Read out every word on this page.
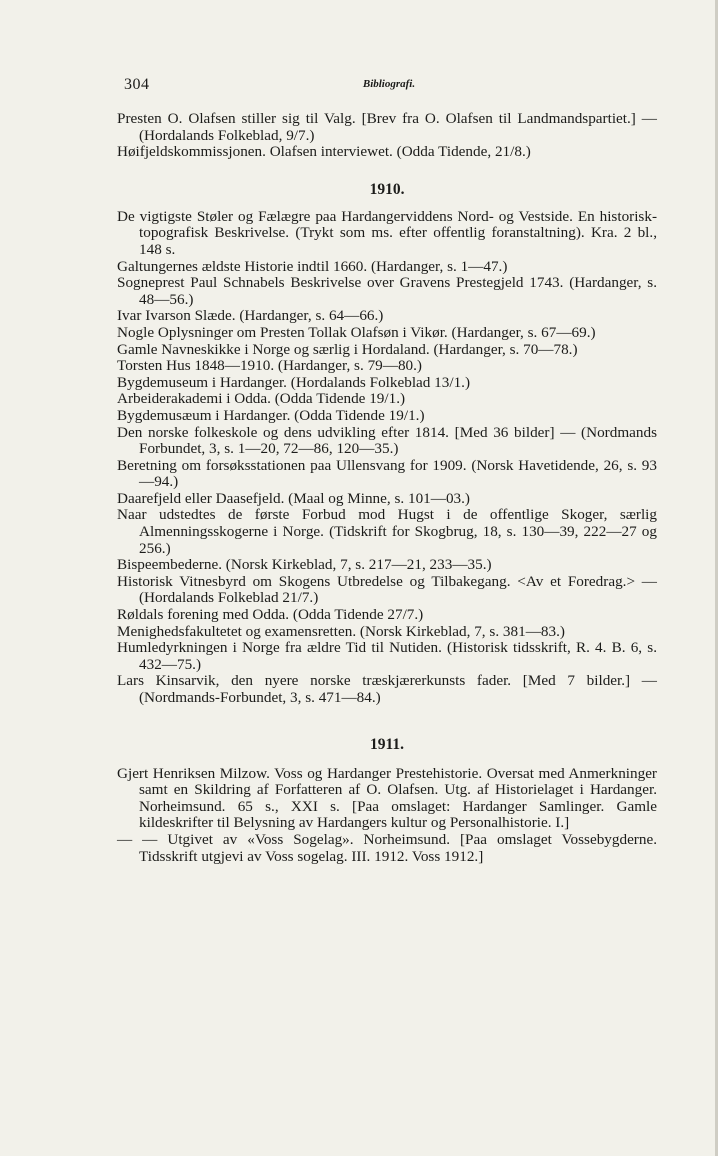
304	Bibliografi.

Presten O. Olafsen stiller sig til Valg. [Brev fra O. Olafsen til Landmandspartiet.] — (Hordalands Folkeblad, 9/7.)

Høifjeldskommissjonen. Olafsen interviewet. (Odda Tidende, 21/8.)

1910.

De vigtigste Støler og Fælægre paa Hardangerviddens Nord- og Vestside. En historisk-topografisk Beskrivelse. (Trykt som ms. efter offentlig foranstaltning). Kra. 2 bl., 148 s.

Galtungernes ældste Historie indtil 1660. (Hardanger, s. 1—47.)

Sogneprest Paul Schnabels Beskrivelse over Gravens Prestegjeld 1743. (Hardanger, s. 48—56.)

Ivar Ivarson Slæde. (Hardanger, s. 64—66.)

Nogle Oplysninger om Presten Tollak Olafsøn i Vikør. (Hardanger, s. 67—69.)

Gamle Navneskikke i Norge og særlig i Hordaland. (Hardanger, s. 70—78.)

Torsten Hus 1848—1910. (Hardanger, s. 79—80.)

Bygdemuseum i Hardanger. (Hordalands Folkeblad 13/1.)

Arbeiderakademi i Odda. (Odda Tidende 19/1.)

Bygdemusæum i Hardanger. (Odda Tidende 19/1.)

Den norske folkeskole og dens udvikling efter 1814. [Med 36 bilder] — (Nordmands Forbundet, 3, s. 1—20, 72—86, 120—35.)

Beretning om forsøksstationen paa Ullensvang for 1909. (Norsk Havetidende, 26, s. 93—94.)

Daarefjeld eller Daasefjeld. (Maal og Minne, s. 101—03.)

Naar udstedtes de første Forbud mod Hugst i de offentlige Skoger, særlig Almenningsskogerne i Norge. (Tidskrift for Skogbrug, 18, s. 130—39, 222—27 og 256.)

Bispeembederne. (Norsk Kirkeblad, 7, s. 217—21, 233—35.)

Historisk Vitnesbyrd om Skogens Utbredelse og Tilbakegang. <Av et Foredrag.> — (Hordalands Folkeblad 21/7.)

Røldals forening med Odda. (Odda Tidende 27/7.)

Menighedsfakultetet og examensretten. (Norsk Kirkeblad, 7, s. 381—83.)

Humledyrkningen i Norge fra ældre Tid til Nutiden. (Historisk tidsskrift, R. 4. B. 6, s. 432—75.)

Lars Kinsarvik, den nyere norske træskjærerkunsts fader. [Med 7 bilder.] — (Nordmands-Forbundet, 3, s. 471—84.)

1911.

Gjert Henriksen Milzow. Voss og Hardanger Prestehistorie. Oversat med Anmerkninger samt en Skildring af Forfatteren af O. Olafsen. Utg. af Historielaget i Hardanger. Norheimsund. 65 s., XXI s. [Paa omslaget: Hardanger Samlinger. Gamle kildeskrifter til Belysning av Hardangers kultur og Personalhistorie. I.]

— — Utgivet av «Voss Sogelag». Norheimsund. [Paa omslaget Vossebygderne. Tidsskrift utgjevi av Voss sogelag. III. 1912. Voss 1912.]
